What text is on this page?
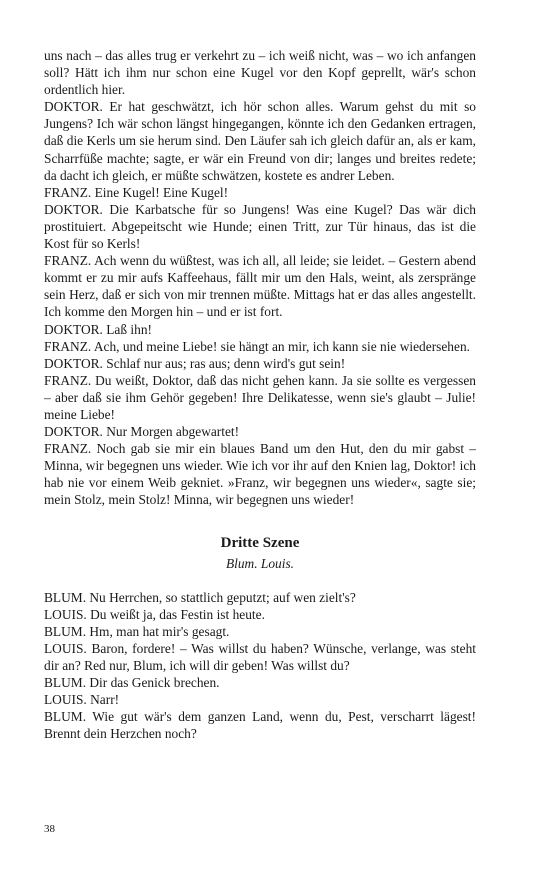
uns nach – das alles trug er verkehrt zu – ich weiß nicht, was – wo ich anfangen soll? Hätt ich ihm nur schon eine Kugel vor den Kopf geprellt, wär's schon ordentlich hier.

DOKTOR. Er hat geschwätzt, ich hör schon alles. Warum gehst du mit so Jungens? Ich wär schon längst hingegangen, könnte ich den Gedanken ertragen, daß die Kerls um sie herum sind. Den Läufer sah ich gleich dafür an, als er kam, Scharrfüße machte; sagte, er wär ein Freund von dir; langes und breites redete; da dacht ich gleich, er müßte schwätzen, kostete es andrer Leben.

FRANZ. Eine Kugel! Eine Kugel!

DOKTOR. Die Karbatsche für so Jungens! Was eine Kugel? Das wär dich prostituiert. Abgepeitscht wie Hunde; einen Tritt, zur Tür hinaus, das ist die Kost für so Kerls!

FRANZ. Ach wenn du wüßtest, was ich all, all leide; sie leidet. – Gestern abend kommt er zu mir aufs Kaffeehaus, fällt mir um den Hals, weint, als zerspränge sein Herz, daß er sich von mir trennen müßte. Mittags hat er das alles angestellt. Ich komme den Morgen hin – und er ist fort.

DOKTOR. Laß ihn!

FRANZ. Ach, und meine Liebe! sie hängt an mir, ich kann sie nie wiedersehen.

DOKTOR. Schlaf nur aus; ras aus; denn wird's gut sein!

FRANZ. Du weißt, Doktor, daß das nicht gehen kann. Ja sie sollte es vergessen – aber daß sie ihm Gehör gegeben! Ihre Delikatesse, wenn sie's glaubt – Julie! meine Liebe!

DOKTOR. Nur Morgen abgewartet!

FRANZ. Noch gab sie mir ein blaues Band um den Hut, den du mir gabst – Minna, wir begegnen uns wieder. Wie ich vor ihr auf den Knien lag, Doktor! ich hab nie vor einem Weib gekniet. »Franz, wir begegnen uns wieder«, sagte sie; mein Stolz, mein Stolz! Minna, wir begegnen uns wieder!

Dritte Szene
Blum. Louis.

BLUM. Nu Herrchen, so stattlich geputzt; auf wen zielt's?

LOUIS. Du weißt ja, das Festin ist heute.

BLUM. Hm, man hat mir's gesagt.

LOUIS. Baron, fordere! – Was willst du haben? Wünsche, verlange, was steht dir an? Red nur, Blum, ich will dir geben! Was willst du?

BLUM. Dir das Genick brechen.

LOUIS. Narr!

BLUM. Wie gut wär's dem ganzen Land, wenn du, Pest, verscharrt lägest! Brennt dein Herzchen noch?

38
